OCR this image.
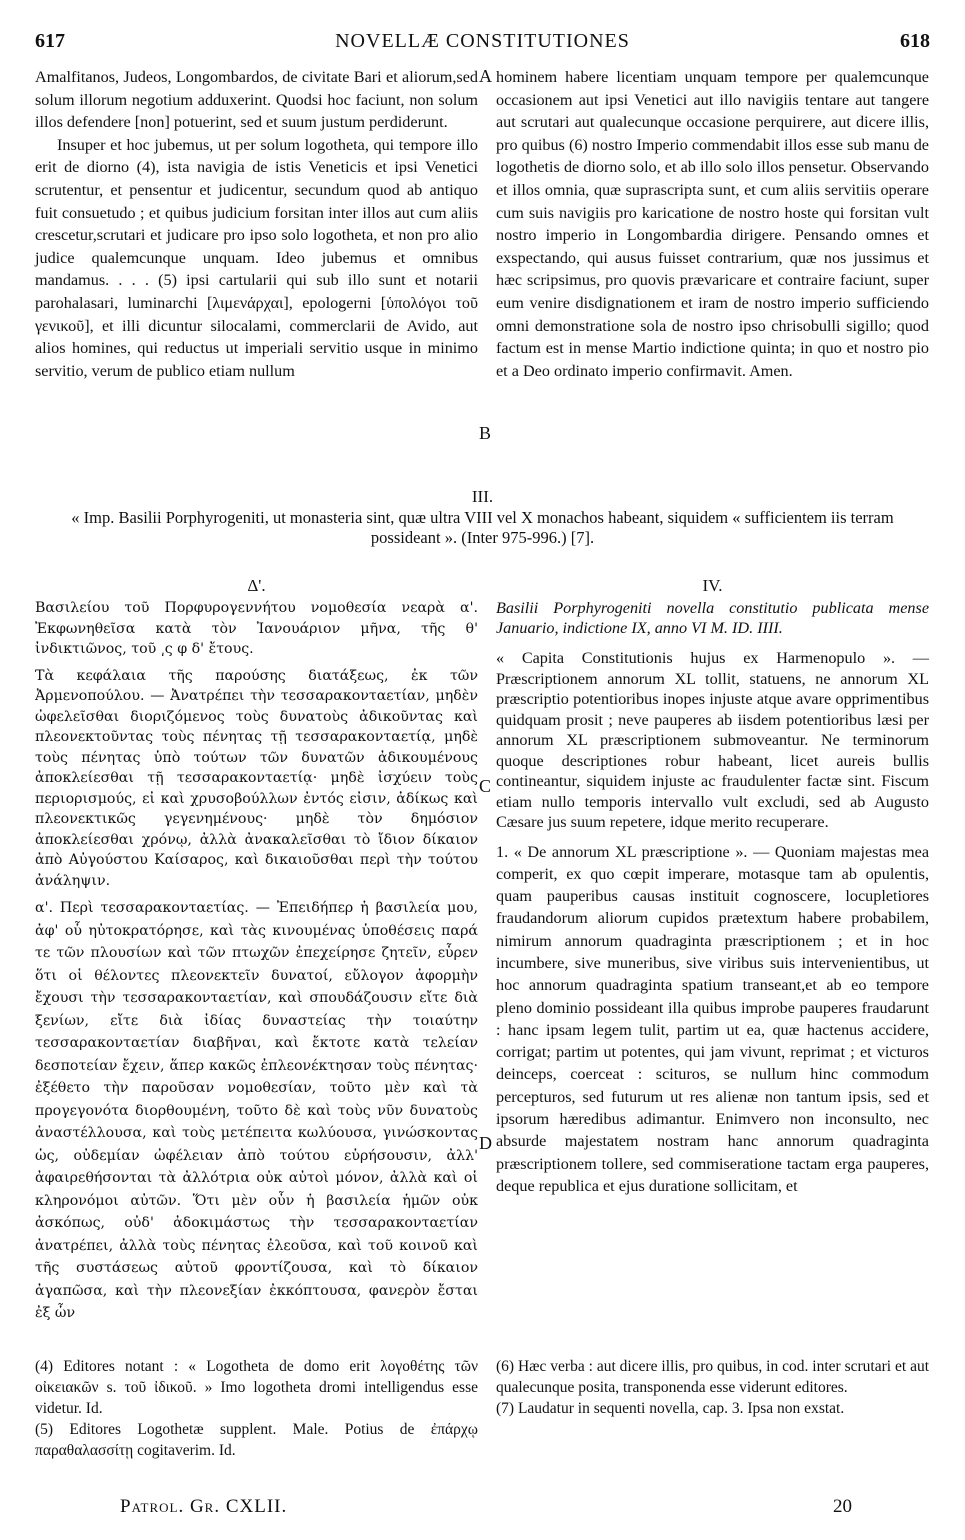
617	NOVELLÆ CONSTITUTIONES	618

Amalfitanos, Judeos, Longombardos, de civitate Bari et aliorum,sed solum illorum negotium adduxerint. Quodsi hoc faciunt, non solum illos defendere [non] potuerint, sed et suum justum perdiderunt.

Insuper et hoc jubemus, ut per solum logotheta, qui tempore illo erit de diorno (4), ista navigia de istis Veneticis et ipsi Venetici scrutentur, et pensentur et judicentur, secundum quod ab antiquo fuit consuetudo ; et quibus judicium forsitan inter illos aut cum aliis crescetur,scrutari et judicare pro ipso solo logotheta, et non pro alio judice qualemcunque unquam. Ideo jubemus et omnibus mandamus. . . . (5) ipsi cartularii qui sub illo sunt et notarii parohalasari, luminarchi [λιμενάρχαι], epologerni [ὑπολόγοι τοῦ γενικοῦ], et illi dicuntur silocalami, commerclarii de Avido, aut alios homines, qui reductus ut imperiali servitio usque in minimo servitio, verum de publico etiam nullum

A
B

hominem habere licentiam unquam tempore per qualemcunque occasionem aut ipsi Venetici aut illo navigiis tentare aut tangere aut scrutari aut qualecunque occasione perquirere, aut dicere illis, pro quibus (6) nostro Imperio commendabit illos esse sub manu de logothetis de diorno solo, et ab illo solo illos pensetur. Observando et illos omnia, quæ suprascripta sunt, et cum aliis servitiis operare cum suis navigiis pro karicatione de nostro hoste qui forsitan vult nostro imperio in Longombardia dirigere. Pensando omnes et exspectando, qui ausus fuisset contrarium, quæ nos jussimus et hæc scripsimus, pro quovis prævaricare et contraire faciunt, super eum venire disdignationem et iram de nostro imperio sufficiendo omni demonstratione sola de nostro ipso chrisobulli sigillo; quod factum est in mense Martio indictione quinta; in quo et nostro pio et a Deo ordinato imperio confirmavit. Amen.

III.
« Imp. Basilii Porphyrogeniti, ut monasteria sint, quæ ultra VIII vel X monachos habeant, siquidem « sufficientem iis terram possideant ». (Inter 975-996.) [7].
Δ'.	IV.

Βασιλείου τοῦ Πορφυρογεννήτου νομοθεσία νεαρὰ α'. Ἐκφωνηθεῖσα κατὰ τὸν Ἰανουάριον μῆνα, τῆς θ' ἰνδικτιῶνος, τοῦ ͵ς φ δ' ἔτους.

Τὰ κεφάλαια τῆς παρούσης διατάξεως, ἐκ τῶν Ἀρμενοπούλου. — Ἀνατρέπει τὴν τεσσαρακονταετίαν, μηδὲν ὠφελεῖσθαι διοριζόμενος τοὺς δυνατοὺς ἀδικοῦντας καὶ πλεονεκτοῦντας τοὺς πένητας τῇ τεσσαρακονταετίᾳ, μηδὲ τοὺς πένητας ὑπὸ τούτων τῶν δυνατῶν ἀδικουμένους ἀποκλείεσθαι τῇ τεσσαρακονταετίᾳ· μηδὲ ἰσχύειν τοὺς περιορισμούς, εἰ καὶ χρυσοβούλλων ἐντός εἰσιν, ἀδίκως καὶ πλεονεκτικῶς γεγενημένους· μηδὲ τὸν δημόσιον ἀποκλείεσθαι χρόνῳ, ἀλλὰ ἀνακαλεῖσθαι τὸ ἴδιον δίκαιον ἀπὸ Αὐγούστου Καίσαρος, καὶ δικαιοῦσθαι περὶ τὴν τούτου ἀνάληψιν.

α'. Περὶ τεσσαρακονταετίας. — Ἐπειδήπερ ἡ βασιλεία μου, ἀφ' οὗ ηὐτοκρατόρησε, καὶ τὰς κινουμένας ὑποθέσεις παρά τε τῶν πλουσίων καὶ τῶν πτωχῶν ἐπεχείρησε ζητεῖν, εὗρεν ὅτι οἱ θέλοντες πλεονεκτεῖν δυνατοί, εὔλογον ἀφορμὴν ἔχουσι τὴν τεσσαρακονταετίαν, καὶ σπουδάζουσιν εἴτε διὰ ξενίων, εἴτε διὰ ἰδίας δυναστείας τὴν τοιαύτην τεσσαρακονταετίαν διαβῆναι, καὶ ἔκτοτε κατὰ τελείαν δεσποτείαν ἔχειν, ἅπερ κακῶς ἐπλεονέκτησαν τοὺς πένητας· ἐξέθετο τὴν παροῦσαν νομοθεσίαν, τοῦτο μὲν καὶ τὰ προγεγονότα διορθουμένη, τοῦτο δὲ καὶ τοὺς νῦν δυνατοὺς ἀναστέλλουσα, καὶ τοὺς μετέπειτα κωλύουσα, γινώσκοντας ὡς, οὐδεμίαν ὠφέλειαν ἀπὸ τούτου εὑρήσουσιν, ἀλλ' ἀφαιρεθήσονται τὰ ἀλλότρια οὐκ αὐτοὶ μόνον, ἀλλὰ καὶ οἱ κληρονόμοι αὐτῶν. Ὅτι μὲν οὖν ἡ βασιλεία ἡμῶν οὐκ ἀσκόπως, οὐδ' ἀδοκιμάστως τὴν τεσσαρακονταετίαν ἀνατρέπει, ἀλλὰ τοὺς πένητας ἐλεοῦσα, καὶ τοῦ κοινοῦ καὶ τῆς συστάσεως αὐτοῦ φροντίζουσα, καὶ τὸ δίκαιον ἀγαπῶσα, καὶ τὴν πλεονεξίαν ἐκκόπτουσα, φανερὸν ἔσται ἐξ ὧν

C
D

Basilii Porphyrogeniti novella constitutio publicata mense Januario, indictione IX, anno VI M. ID. IIII.

« Capita Constitutionis hujus ex Harmenopulo ». — Præscriptionem annorum XL tollit, statuens, ne annorum XL præscriptio potentioribus inopes injuste atque avare opprimentibus quidquam prosit ; neve pauperes ab iisdem potentioribus læsi per annorum XL præscriptionem submoveantur. Ne terminorum quoque descriptiones robur habeant, licet aureis bullis contineantur, siquidem injuste ac fraudulenter factæ sint. Fiscum etiam nullo temporis intervallo vult excludi, sed ab Augusto Cæsare jus suum repetere, idque merito recuperare.

1. « De annorum XL præscriptione ». — Quoniam majestas mea comperit, ex quo cœpit imperare, motasque tam ab opulentis, quam pauperibus causas instituit cognoscere, locupletiores fraudandorum aliorum cupidos prætextum habere probabilem, nimirum annorum quadraginta præscriptionem ; et in hoc incumbere, sive muneribus, sive viribus suis intervenientibus, ut hoc annorum quadraginta spatium transeant,et ab eo tempore pleno dominio possideant illa quibus improbe pauperes fraudarunt : hanc ipsam legem tulit, partim ut ea, quæ hactenus accidere, corrigat; partim ut potentes, qui jam vivunt, reprimat ; et victuros deinceps, coerceat : scituros, se nullum hinc commodum percepturos, sed futurum ut res alienæ non tantum ipsis, sed et ipsorum hæredibus adimantur. Enimvero non inconsulto, nec absurde majestatem nostram hanc annorum quadraginta præscriptionem tollere, sed commiseratione tactam erga pauperes, deque republica et ejus duratione sollicitam, et

(4) Editores notant : « Logotheta de domo erit λογοθέτης τῶν οἰκειακῶν s. τοῦ ἰδικοῦ. » Imo logotheta dromi intelligendus esse videtur. Id.

(5) Editores Logothetæ supplent. Male. Potius de ἐπάρχῳ παραθαλασσίτῃ cogitaverim. Id.

(6) Hæc verba : aut dicere illis, pro quibus, in cod. inter scrutari et aut qualecunque posita, transponenda esse viderunt editores.

(7) Laudatur in sequenti novella, cap. 3. Ipsa non exstat.

Patrol. Gr. CXLII.	20
